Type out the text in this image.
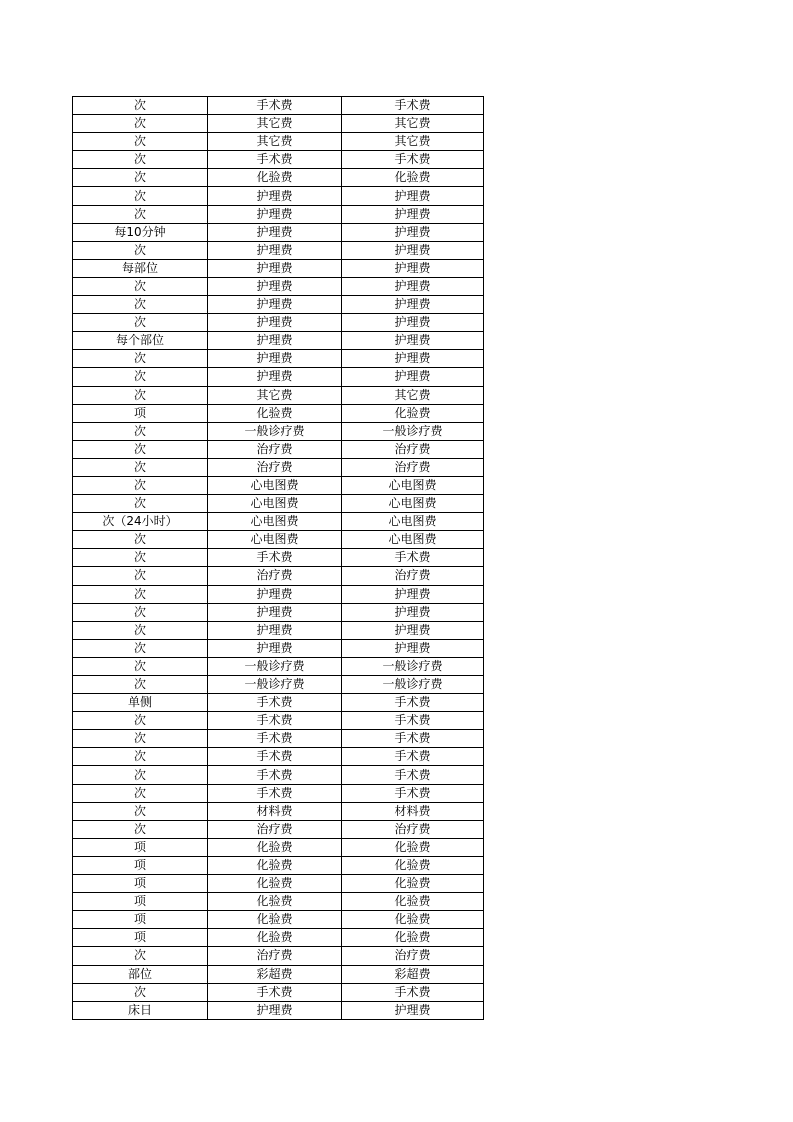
次	手术费	手术费
次	其它费	其它费
次	其它费	其它费
次	手术费	手术费
次	化验费	化验费
次	护理费	护理费
次	护理费	护理费
每10分钟	护理费	护理费
次	护理费	护理费
每部位	护理费	护理费
次	护理费	护理费
次	护理费	护理费
次	护理费	护理费
每个部位	护理费	护理费
次	护理费	护理费
次	护理费	护理费
次	其它费	其它费
项	化验费	化验费
次	一般诊疗费	一般诊疗费
次	治疗费	治疗费
次	治疗费	治疗费
次	心电图费	心电图费
次	心电图费	心电图费
次（24小时）	心电图费	心电图费
次	心电图费	心电图费
次	手术费	手术费
次	治疗费	治疗费
次	护理费	护理费
次	护理费	护理费
次	护理费	护理费
次	护理费	护理费
次	一般诊疗费	一般诊疗费
次	一般诊疗费	一般诊疗费
单侧	手术费	手术费
次	手术费	手术费
次	手术费	手术费
次	手术费	手术费
次	手术费	手术费
次	手术费	手术费
次	材料费	材料费
次	治疗费	治疗费
项	化验费	化验费
项	化验费	化验费
项	化验费	化验费
项	化验费	化验费
项	化验费	化验费
项	化验费	化验费
次	治疗费	治疗费
部位	彩超费	彩超费
次	手术费	手术费
床日	护理费	护理费
